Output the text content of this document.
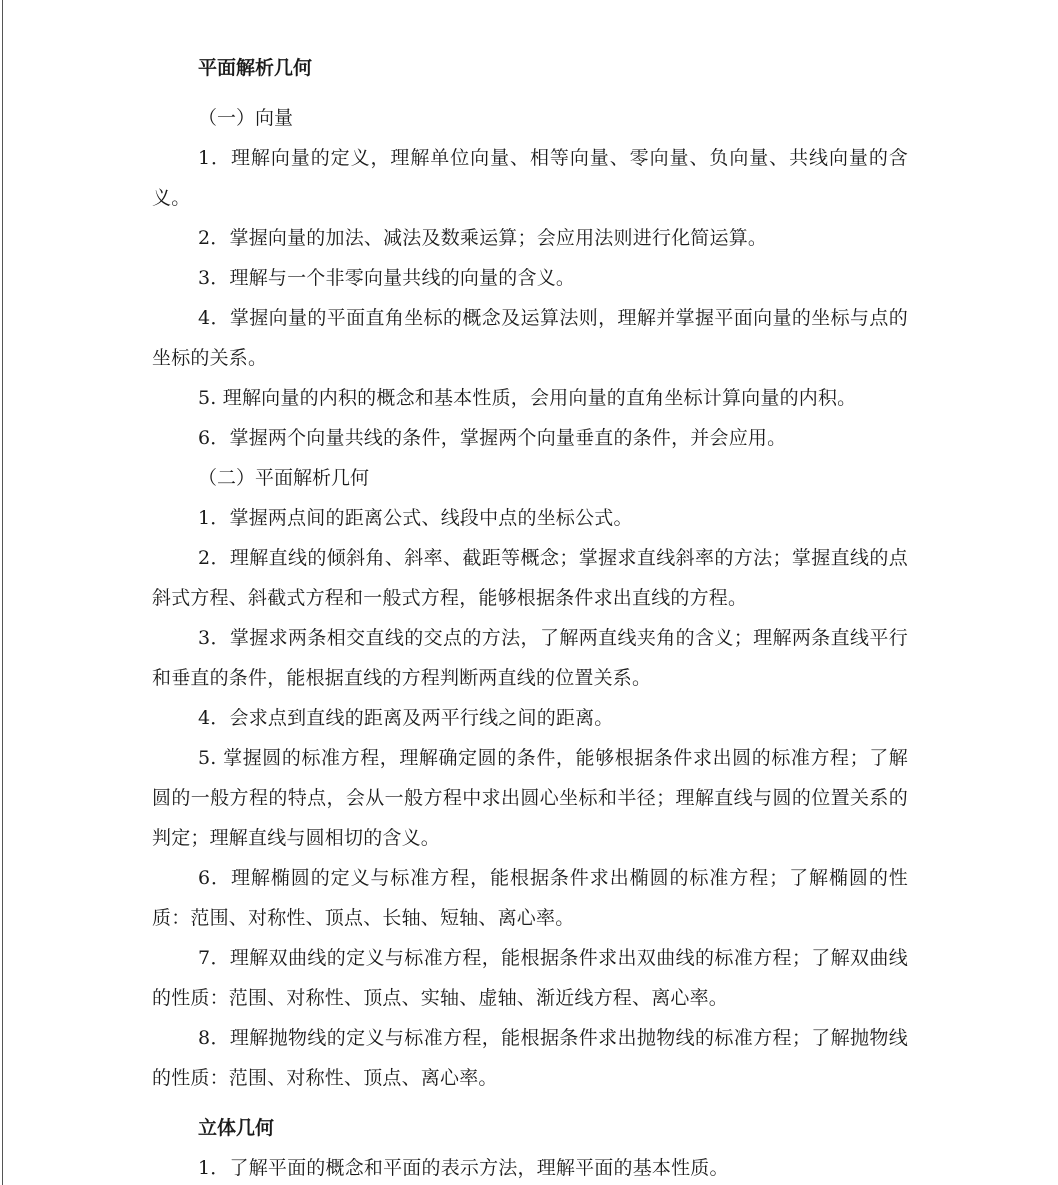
平面解析几何
（一）向量

1．理解向量的定义，理解单位向量、相等向量、零向量、负向量、共线向量的含义。

2．掌握向量的加法、减法及数乘运算；会应用法则进行化简运算。

3．理解与一个非零向量共线的向量的含义。

4．掌握向量的平面直角坐标的概念及运算法则，理解并掌握平面向量的坐标与点的坐标的关系。

5. 理解向量的内积的概念和基本性质，会用向量的直角坐标计算向量的内积。

6．掌握两个向量共线的条件，掌握两个向量垂直的条件，并会应用。

（二）平面解析几何

1．掌握两点间的距离公式、线段中点的坐标公式。

2．理解直线的倾斜角、斜率、截距等概念；掌握求直线斜率的方法；掌握直线的点斜式方程、斜截式方程和一般式方程，能够根据条件求出直线的方程。

3．掌握求两条相交直线的交点的方法，了解两直线夹角的含义；理解两条直线平行和垂直的条件，能根据直线的方程判断两直线的位置关系。

4．会求点到直线的距离及两平行线之间的距离。

5. 掌握圆的标准方程，理解确定圆的条件，能够根据条件求出圆的标准方程；了解圆的一般方程的特点，会从一般方程中求出圆心坐标和半径；理解直线与圆的位置关系的判定；理解直线与圆相切的含义。

6．理解椭圆的定义与标准方程，能根据条件求出椭圆的标准方程；了解椭圆的性质：范围、对称性、顶点、长轴、短轴、离心率。

7．理解双曲线的定义与标准方程，能根据条件求出双曲线的标准方程；了解双曲线的性质：范围、对称性、顶点、实轴、虚轴、渐近线方程、离心率。

8．理解抛物线的定义与标准方程，能根据条件求出抛物线的标准方程；了解抛物线的性质：范围、对称性、顶点、离心率。

立体几何

1．了解平面的概念和平面的表示方法，理解平面的基本性质。
